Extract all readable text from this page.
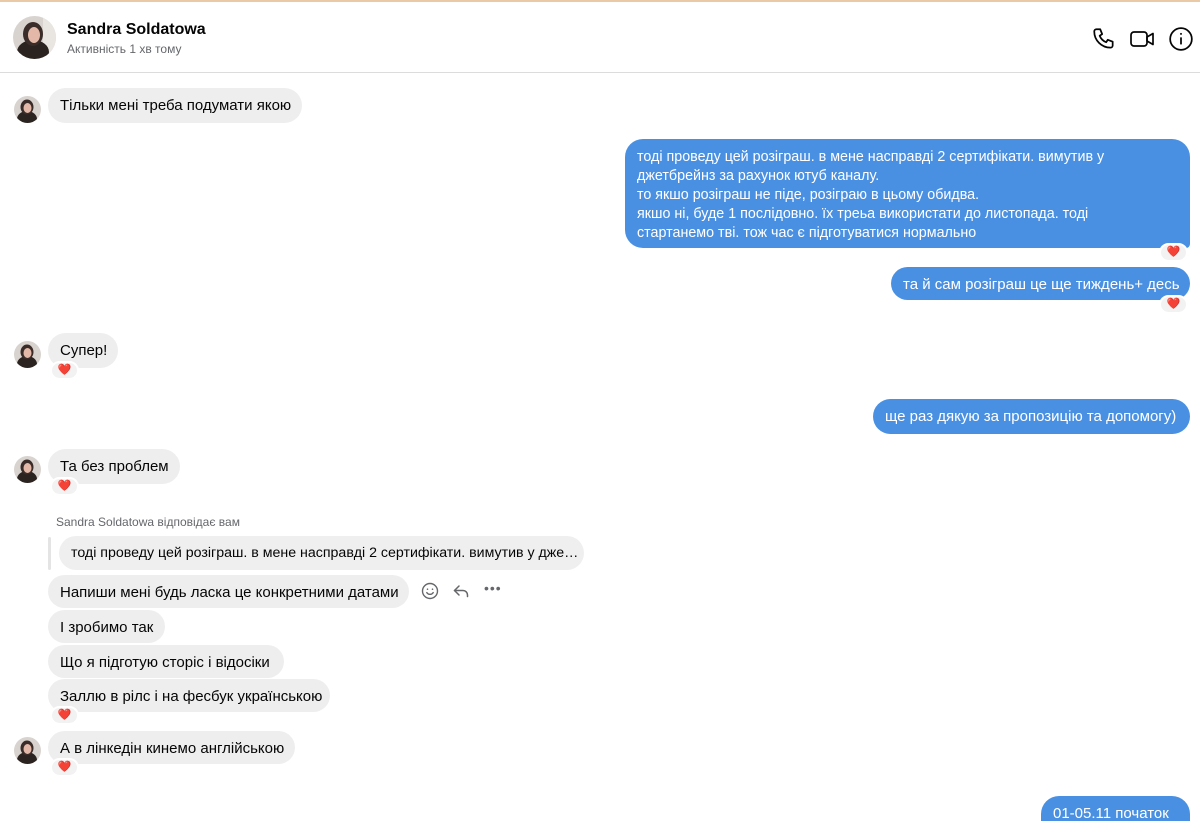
Sandra Soldatowa
Активність 1 хв тому
Тільки мені треба подумати якою
тоді проведу цей розіграш. в мене насправді 2 сертифікати. вимутив у
джетбрейнз за рахунок ютуб каналу.
то якшо розіграш не піде, розіграю в цьому обидва.
якшо ні, буде 1 послідовно. їх треьа використати до листопада. тоді
стартанемо тві. тож час є підготуватися нормально
❤️
та й сам розіграш це ще тиждень+ десь
❤️
Супер!
❤️
ще раз дякую за пропозицію та допомогу)
Та без проблем
❤️
Sandra Soldatowa відповідає вам
тоді проведу цей розіграш. в мене насправді 2 сертифікати. вимутив у дже…
Напиши мені будь ласка це конкретними датами	•••
І зробимо так
Що я підготую сторіс і відосіки
Заллю в рілс і на фесбук українською
❤️
А в лінкедін кинемо англійською
❤️
01-05.11 початок
